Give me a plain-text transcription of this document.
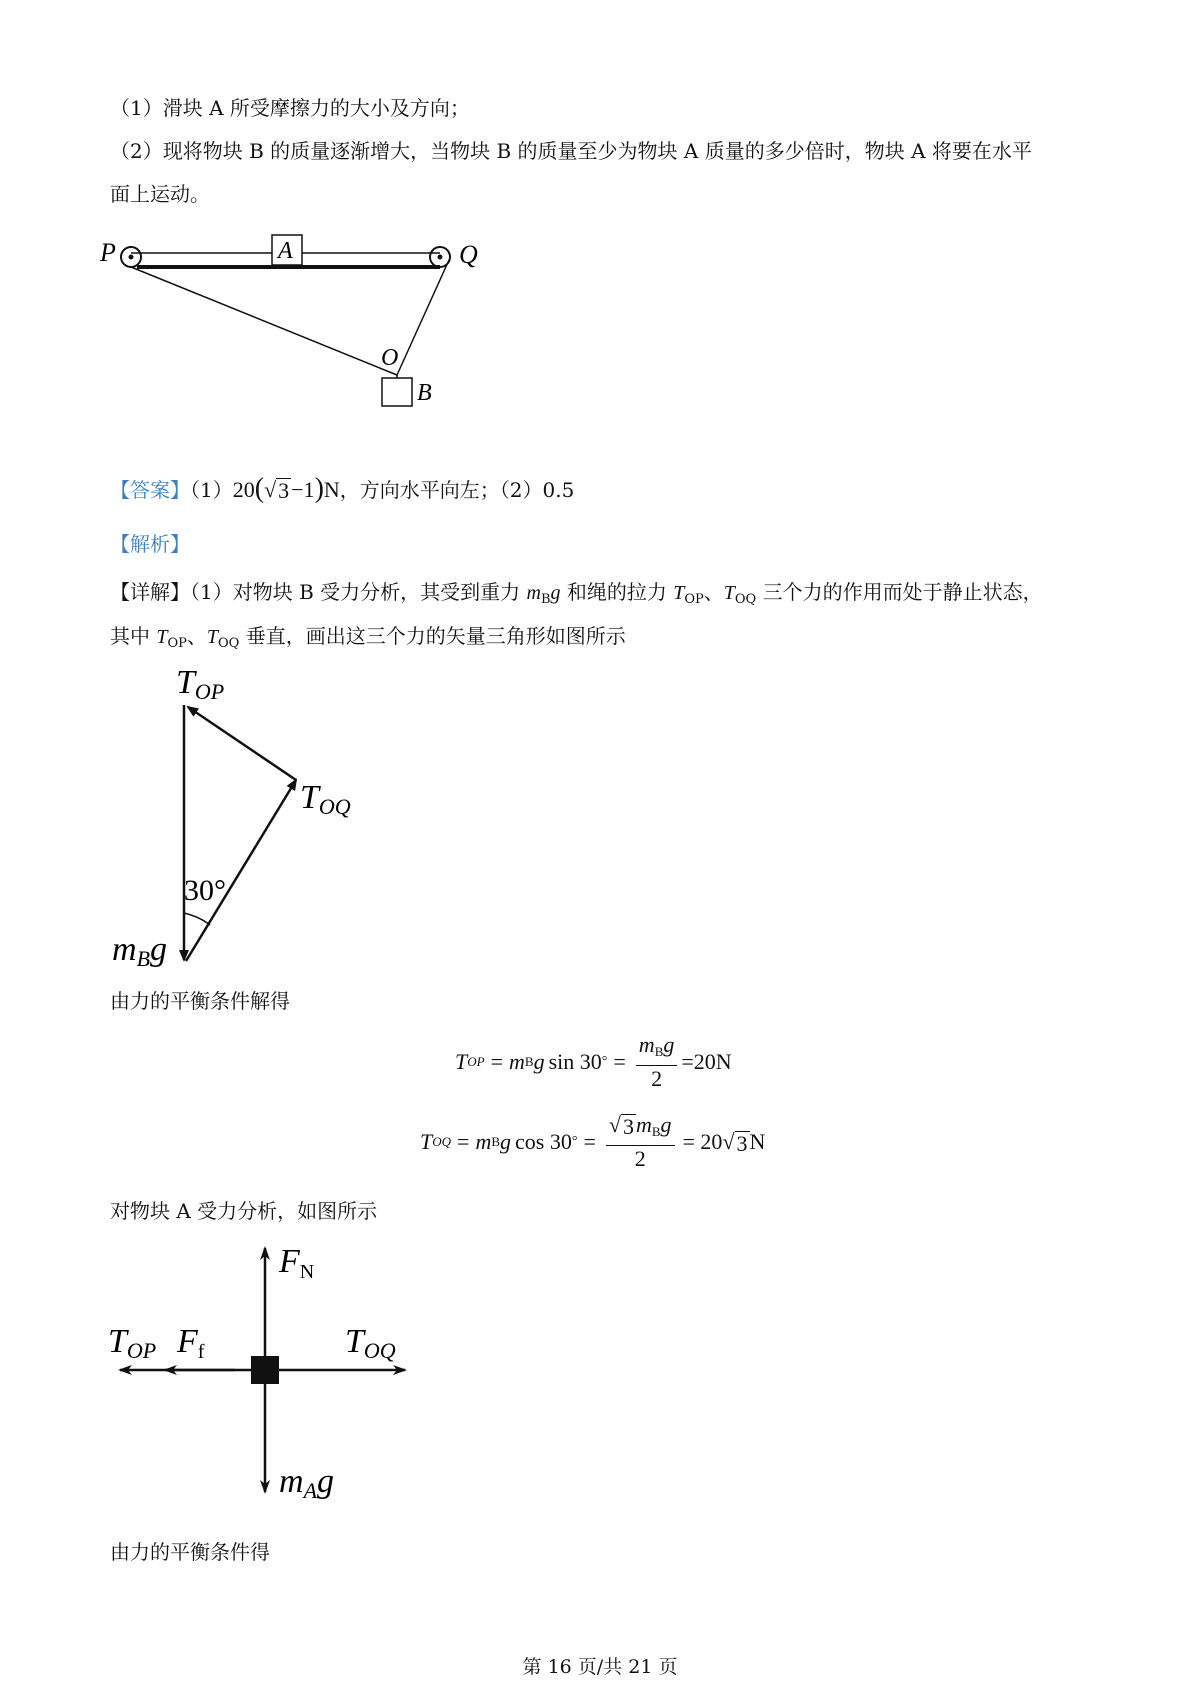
（1）滑块 A 所受摩擦力的大小及方向；
（2）现将物块 B 的质量逐渐增大，当物块 B 的质量至少为物块 A 质量的多少倍时，物块 A 将要在水平
面上运动。
P	Q
A
O
B
【答案】（1）20( √ 3 −1)N，方向水平向左；（2）0.5
【解析】
【详解】（1）对物块 B 受力分析，其受到重力 $m_Bg$ 和绳的拉力 $T_{OP}$、$T_{OQ}$ 三个力的作用而处于静止状态，
其中 $T_{OP}$、$T_{OQ}$ 垂直，画出这三个力的矢量三角形如图所示
TOP
TOQ
30°
mBg
由力的平衡条件解得
T OP = m B g sin 30 ° = $\frac{m_Bg}{2} =20N$
T OQ = m B g cos 30 ° = $\frac{√ 3 m_Bg}{2} = 20$ √ 3 N
对物块 A 受力分析，如图所示
FN
TOP Ff	TOQ
mAg
由力的平衡条件得
第 16 页/共 21 页
